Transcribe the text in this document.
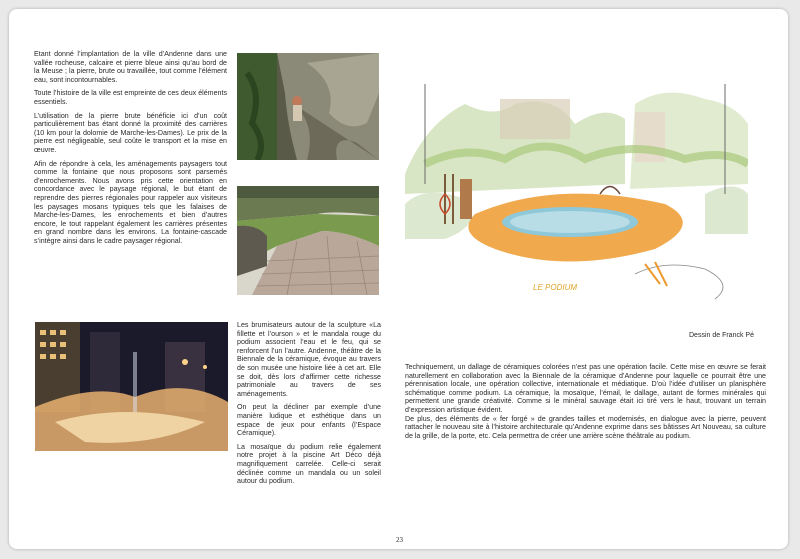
Etant donné l’implantation de la ville d’Andenne dans une vallée rocheuse, calcaire et pierre bleue ainsi qu’au bord de la Meuse ; la pierre, brute ou travaillée, tout comme l’élément eau, sont incontournables.

Toute l’histoire de la ville est empreinte de ces deux éléments essentiels.

L’utilisation de la pierre brute bénéficie ici d’un coût particulièrement bas étant donné la proximité des carrières (10 km pour la dolomie de Marche-les-Dames). Le prix de la pierre est négligeable, seul coûte le transport et la mise en œuvre.

Afin de répondre à cela, les aménagements paysagers tout comme la fontaine que nous proposons sont parsemés d’enrochements. Nous avons pris cette orientation en concordance avec le paysage régional, le but étant de reprendre des pierres régionales pour rappeler aux visiteurs les paysages mosans typiques tels que les falaises de Marche-les-Dames, les enrochements et bien d’autres encore, le tout rappelant également les carrières présentes en grand nombre dans les environs. La fontaine-cascade s’intègre ainsi dans le cadre paysager régional.

LE PODIUM
Dessin de Franck Pé

Les brumisateurs autour de la sculpture «La fillette et l’ourson » et le mandala rouge du podium associent l’eau et le feu, qui se renforcent l’un l’autre. Andenne, théâtre de la Biennale de la céramique, évoque au travers de son musée une histoire liée à cet art. Elle se doit, dès lors d’affirmer cette richesse patrimoniale au travers de ses aménagements.

On peut la décliner par exemple d’une manière ludique et esthétique dans un espace de jeux pour enfants (l’Espace Céramique).

La mosaïque du podium relie également notre projet à la piscine Art Déco déjà magnifiquement carrelée. Celle-ci serait déclinée comme un mandala ou un soleil autour du podium.

Techniquement, un dallage de céramiques colorées n’est pas une opération facile. Cette mise en œuvre se ferait naturellement en collaboration avec la Biennale de la céramique d’Andenne pour laquelle ce pourrait être une pérennisation locale, une opération collective, internationale et médiatique. D’où l’idée d’utiliser un planisphère schématique comme podium. La céramique, la mosaïque, l’émail, le dallage, autant de formes minérales qui permettent une grande créativité. Comme si le minéral sauvage était ici tiré vers le haut, trouvant un terrain d’expression artistique évident.

De plus, des éléments de « fer forgé » de grandes tailles et modernisés, en dialogue avec la pierre, peuvent rattacher le nouveau site à l’histoire architecturale qu’Andenne exprime dans ses bâtisses Art Nouveau, sa culture de la grille, de la porte, etc. Cela permettra de créer une arrière scène théâtrale au podium.

23
